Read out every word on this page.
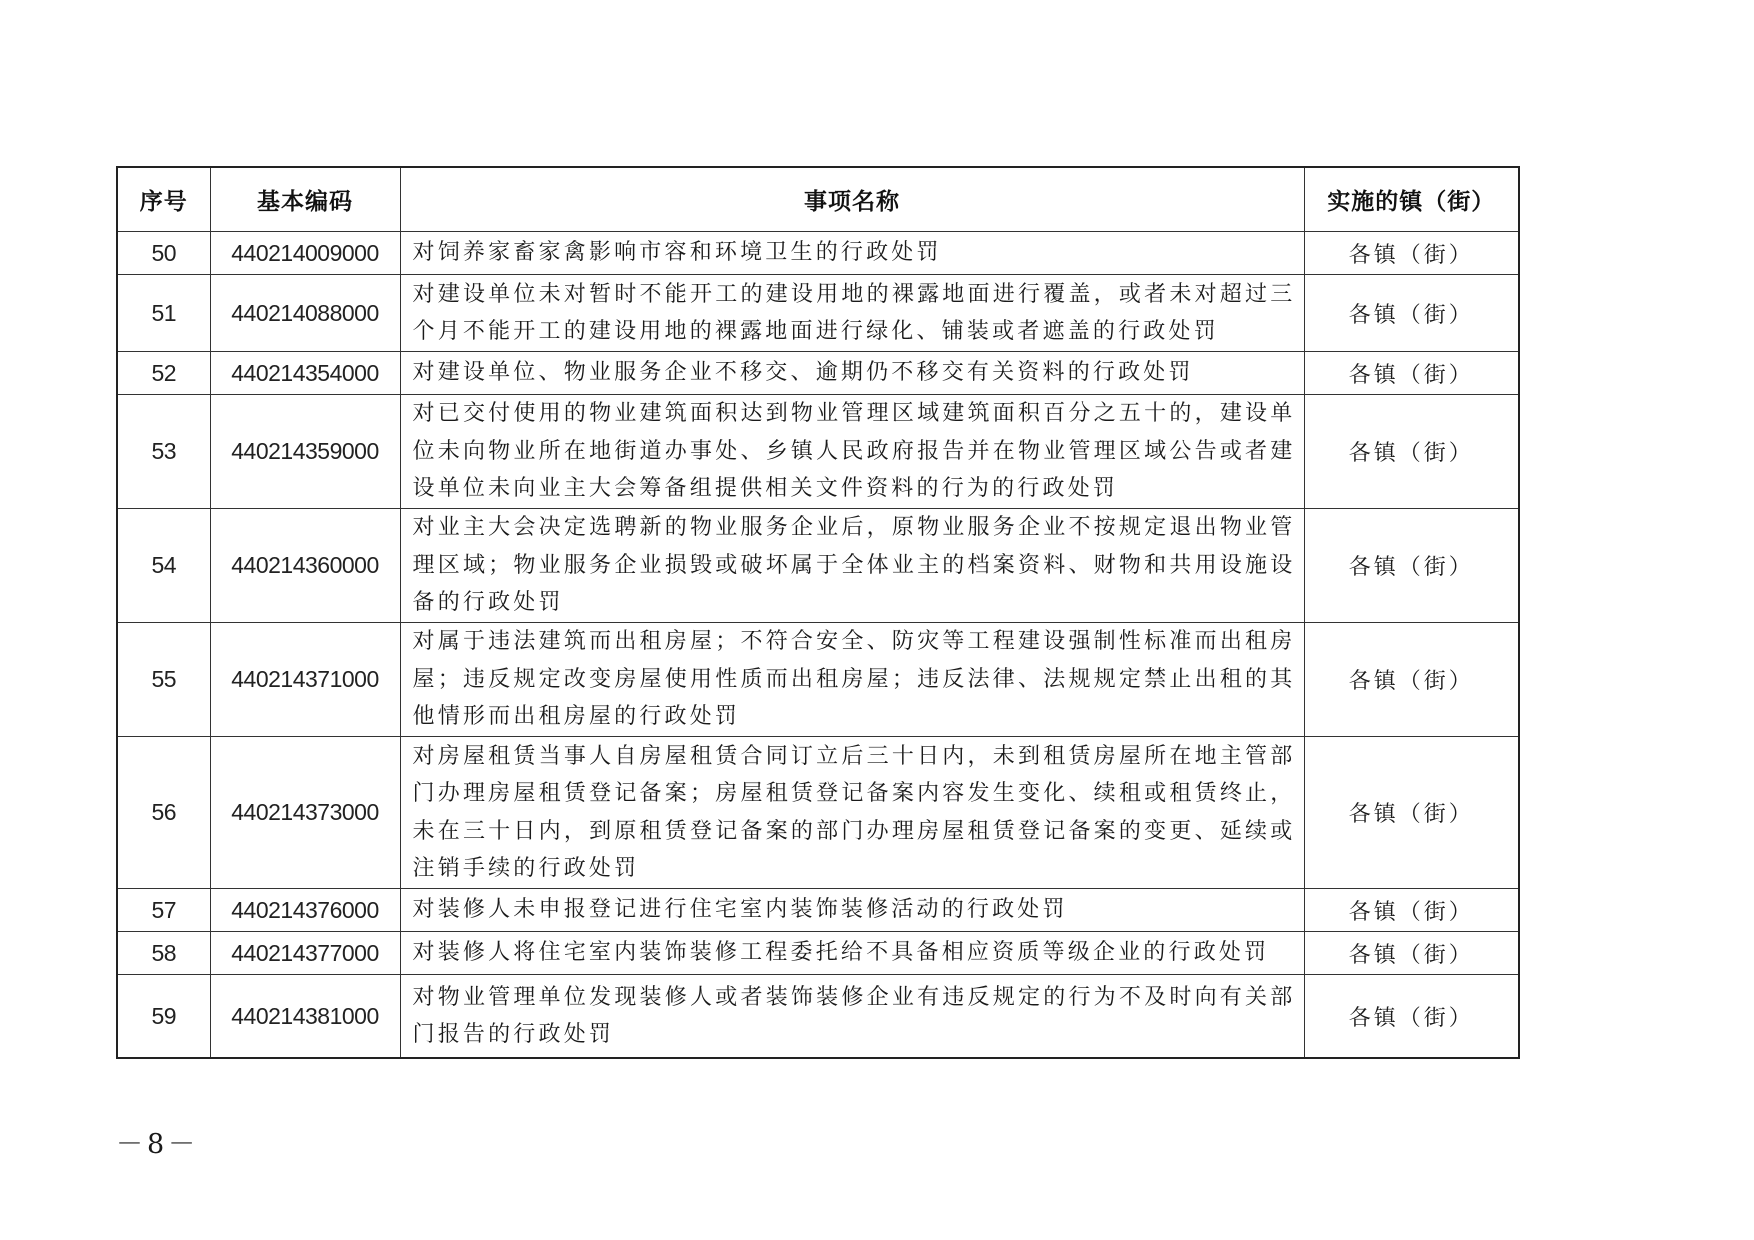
序号	基本编码	事项名称	实施的镇（街）
50	440214009000	对饲养家畜家禽影响市容和环境卫生的行政处罚	各镇（街）
51	440214088000	对建设单位未对暂时不能开工的建设用地的裸露地面进行覆盖，或者未对超过三个月不能开工的建设用地的裸露地面进行绿化、铺装或者遮盖的行政处罚	各镇（街）
52	440214354000	对建设单位、物业服务企业不移交、逾期仍不移交有关资料的行政处罚	各镇（街）
53	440214359000	对已交付使用的物业建筑面积达到物业管理区域建筑面积百分之五十的，建设单位未向物业所在地街道办事处、乡镇人民政府报告并在物业管理区域公告或者建设单位未向业主大会筹备组提供相关文件资料的行为的行政处罚	各镇（街）
54	440214360000	对业主大会决定选聘新的物业服务企业后，原物业服务企业不按规定退出物业管理区域；物业服务企业损毁或破坏属于全体业主的档案资料、财物和共用设施设备的行政处罚	各镇（街）
55	440214371000	对属于违法建筑而出租房屋；不符合安全、防灾等工程建设强制性标准而出租房屋；违反规定改变房屋使用性质而出租房屋；违反法律、法规规定禁止出租的其他情形而出租房屋的行政处罚	各镇（街）
56	440214373000	对房屋租赁当事人自房屋租赁合同订立后三十日内，未到租赁房屋所在地主管部门办理房屋租赁登记备案；房屋租赁登记备案内容发生变化、续租或租赁终止，未在三十日内，到原租赁登记备案的部门办理房屋租赁登记备案的变更、延续或注销手续的行政处罚	各镇（街）
57	440214376000	对装修人未申报登记进行住宅室内装饰装修活动的行政处罚	各镇（街）
58	440214377000	对装修人将住宅室内装饰装修工程委托给不具备相应资质等级企业的行政处罚	各镇（街）
59	440214381000	对物业管理单位发现装修人或者装饰装修企业有违反规定的行为不及时向有关部门报告的行政处罚	各镇（街）
－8－
